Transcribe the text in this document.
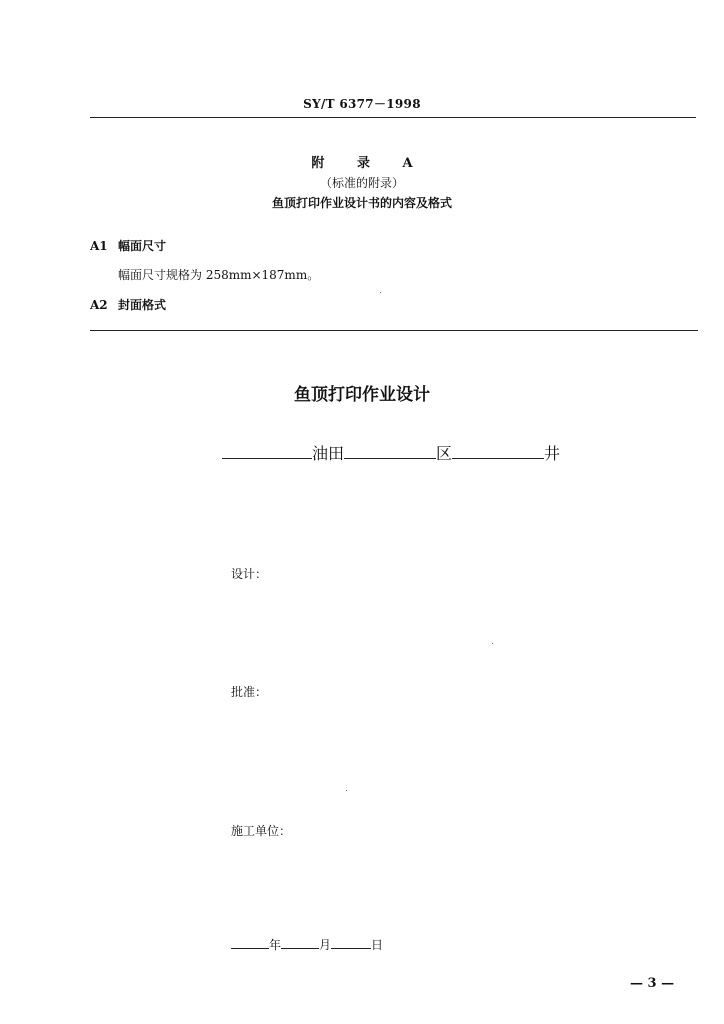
SY/T 6377－1998
附 录 A
（标准的附录）
鱼顶打印作业设计书的内容及格式
A1 幅面尺寸
幅面尺寸规格为 258mm×187mm。
A2 封面格式
鱼顶打印作业设计
油田	区	井
设计：
批准：
施工单位：
年	月	日
— 3 —
